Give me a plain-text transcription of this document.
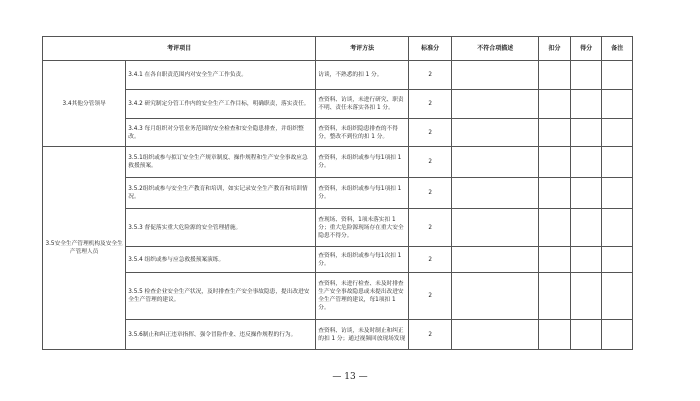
考评项目		考评方法	标准分	不符合项描述	扣分	得分	备注
3.4其他分管领导	3.4.1 在各自职责范围内对安全生产工作负责。	访谈，不熟悉的扣 1 分。	2				
	3.4.2 研究制定分管工作内的安全生产工作目标，明确职责，落实责任。	查资料、访谈，未进行研究、职责不明、责任未落实各扣 1 分。	2				
	3.4.3 每月组织对分管业务范围的安全检查和安全隐患排查，并组织整改。	查资料，未组织隐患排查的不得分，整改不到位的扣 1 分。	2				
3.5安全生产管理机构及安全生产管理人员	3.5.1组织或参与拟订安全生产规章制度、操作规程和生产安全事故应急救援预案。	查资料，未组织或参与每1项扣 1 分。	2				
	3.5.2组织或参与安全生产教育和培训，如实记录安全生产教育和培训情况。	查资料，未组织或参与每1项扣 1 分。	2				
	3.5.3 督促落实重大危险源的安全管理措施。	查现场、资料，1项未落实扣 1 分；重大危险源现场存在重大安全隐患不得分。	2				
	3.5.4 组织或参与应急救援预案演练。	查资料，未组织或参与每1次扣 1 分。	2				
	3.5.5 检查企业安全生产状况，及时排查生产安全事故隐患，提出改进安全生产管理的建议。	查资料，未进行检查、未及时排查生产安全事故隐患或未提出改进安全生产管理的建议，每1项扣 1 分。	2				
	3.5.6制止和纠正违章指挥、强令冒险作业、违反操作规程的行为。	查资料、访谈，未及时制止和纠正的扣 1 分；通过视频回放现场发现	2				
— 13 —
